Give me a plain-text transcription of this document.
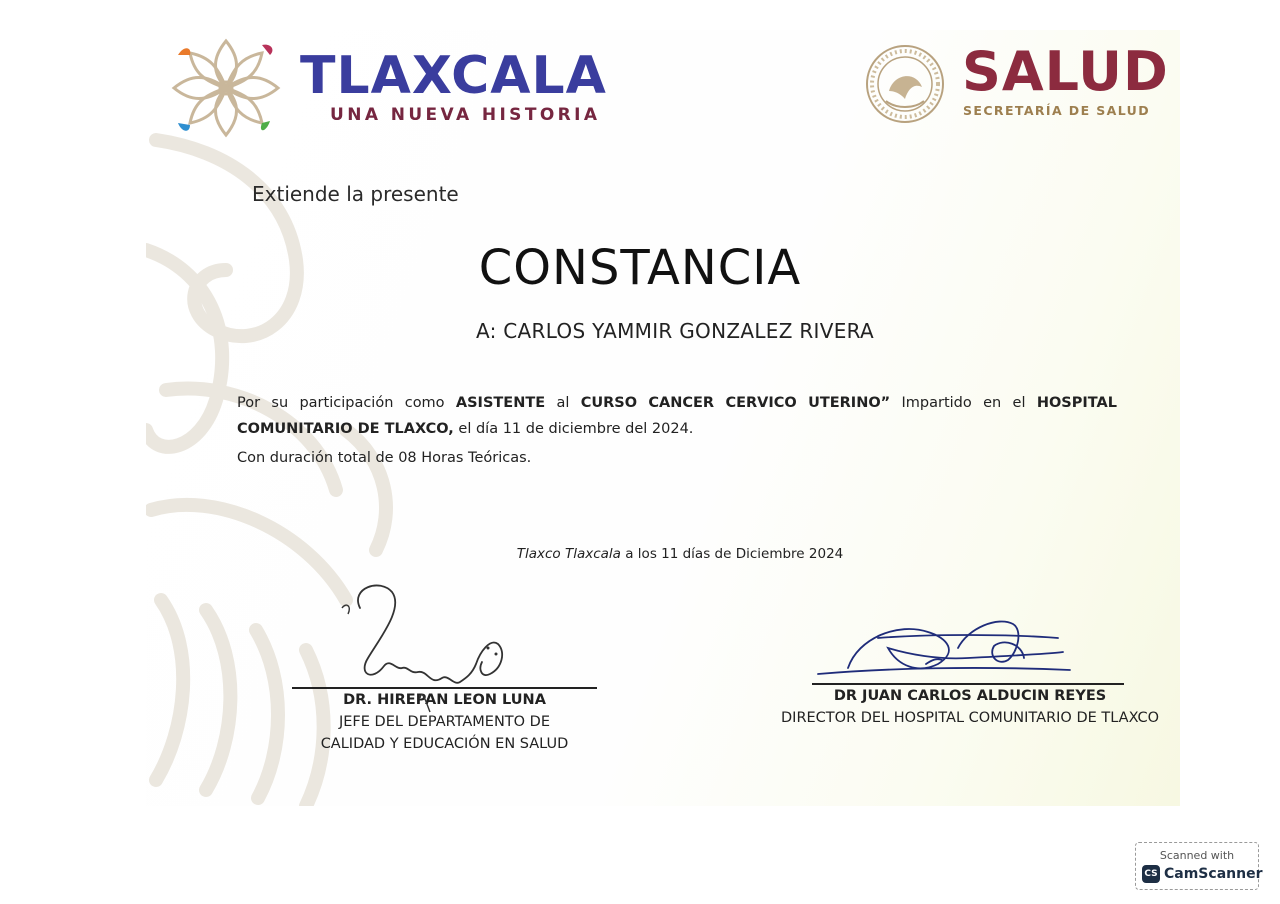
TLAXCALA
UNA NUEVA HISTORIA
SALUD
SECRETARÍA DE SALUD
Extiende la presente
CONSTANCIA
A: CARLOS YAMMIR GONZALEZ RIVERA
Por su participación como ASISTENTE al CURSO CANCER CERVICO UTERINO” Impartido en el HOSPITAL
COMUNITARIO DE TLAXCO, el día 11 de diciembre del 2024.
Con duración total de 08 Horas Teóricas.
Tlaxco Tlaxcala a los 11 días de Diciembre 2024
DR. HIREPAN LEON LUNA
JEFE DEL DEPARTAMENTO DE
CALIDAD Y EDUCACIÓN EN SALUD
DR JUAN CARLOS ALDUCIN REYES
DIRECTOR DEL HOSPITAL COMUNITARIO DE TLAXCO
Scanned with
CS CamScanner
